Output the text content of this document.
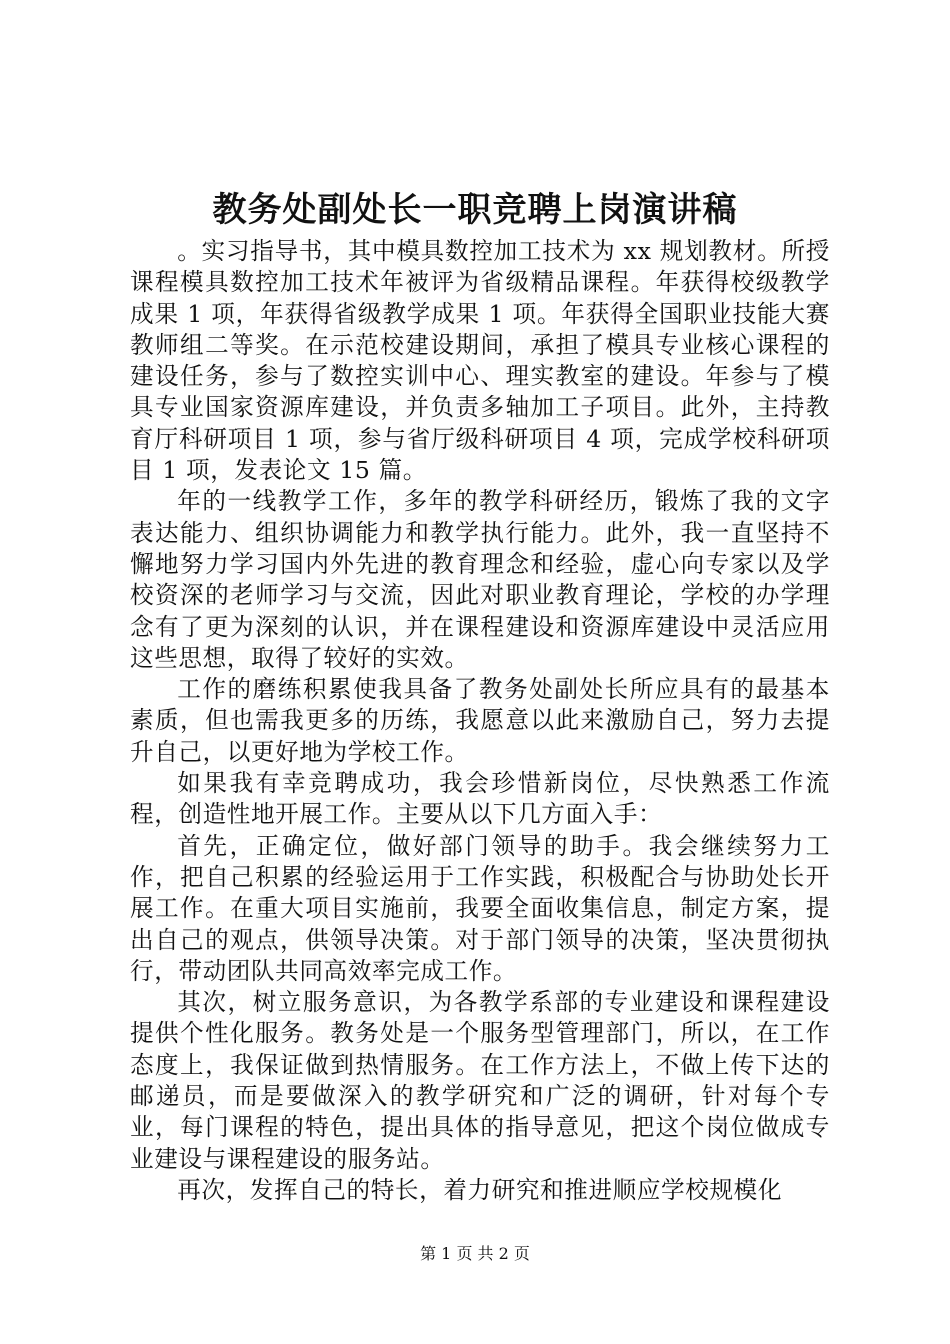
教务处副处长一职竞聘上岗演讲稿

。实习指导书，其中模具数控加工技术为 xx 规划教材。所授课程模具数控加工技术年被评为省级精品课程。年获得校级教学成果 1 项，年获得省级教学成果 1 项。年获得全国职业技能大赛教师组二等奖。在示范校建设期间，承担了模具专业核心课程的建设任务，参与了数控实训中心、理实教室的建设。年参与了模具专业国家资源库建设，并负责多轴加工子项目。此外，主持教育厅科研项目 1 项，参与省厅级科研项目 4 项，完成学校科研项目 1 项，发表论文 15 篇。

年的一线教学工作，多年的教学科研经历，锻炼了我的文字表达能力、组织协调能力和教学执行能力。此外，我一直坚持不懈地努力学习国内外先进的教育理念和经验，虚心向专家以及学校资深的老师学习与交流，因此对职业教育理论，学校的办学理念有了更为深刻的认识，并在课程建设和资源库建设中灵活应用这些思想，取得了较好的实效。

工作的磨练积累使我具备了教务处副处长所应具有的最基本素质，但也需我更多的历练，我愿意以此来激励自己，努力去提升自己，以更好地为学校工作。

如果我有幸竞聘成功，我会珍惜新岗位，尽快熟悉工作流程，创造性地开展工作。主要从以下几方面入手：

首先，正确定位，做好部门领导的助手。我会继续努力工作，把自己积累的经验运用于工作实践，积极配合与协助处长开展工作。在重大项目实施前，我要全面收集信息，制定方案，提出自己的观点，供领导决策。对于部门领导的决策，坚决贯彻执行，带动团队共同高效率完成工作。

其次，树立服务意识，为各教学系部的专业建设和课程建设提供个性化服务。教务处是一个服务型管理部门，所以，在工作态度上，我保证做到热情服务。在工作方法上，不做上传下达的邮递员，而是要做深入的教学研究和广泛的调研，针对每个专业，每门课程的特色，提出具体的指导意见，把这个岗位做成专业建设与课程建设的服务站。

再次，发挥自己的特长，着力研究和推进顺应学校规模化

第 1 页 共 2 页
